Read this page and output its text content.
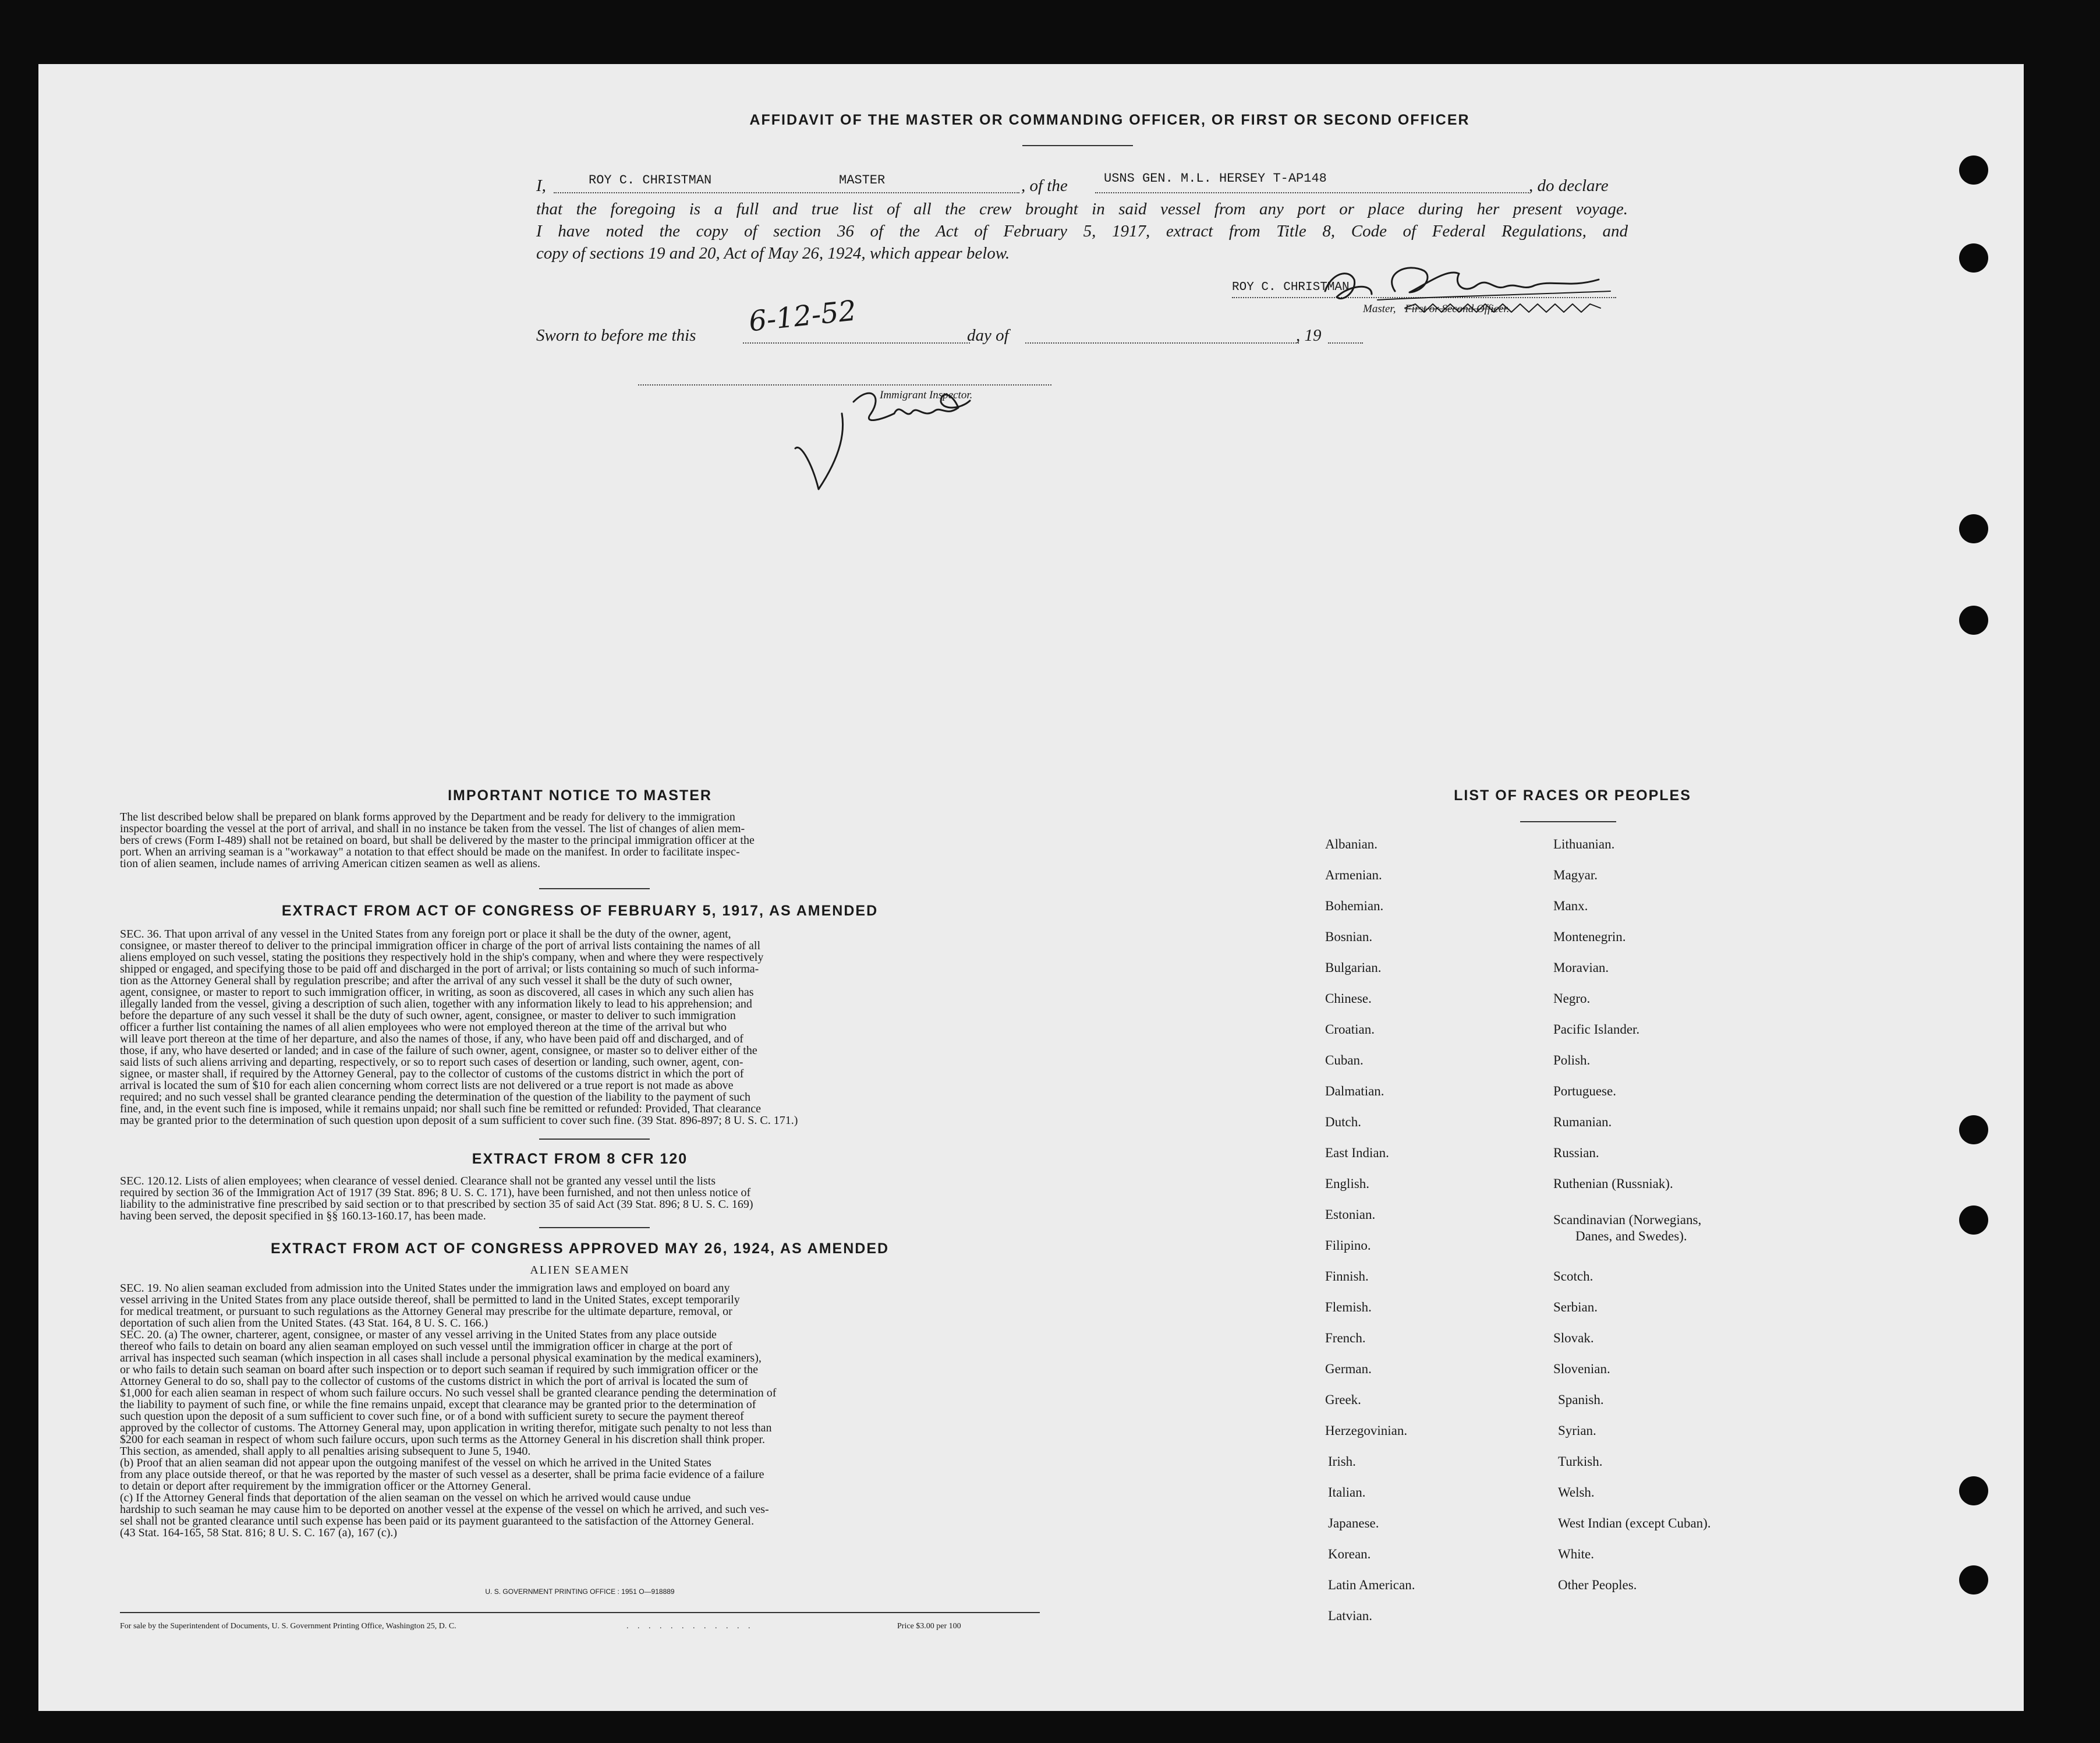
AFFIDAVIT OF THE MASTER OR COMMANDING OFFICER, OR FIRST OR SECOND OFFICER
I,	ROY C. CHRISTMAN	MASTER	, of the	USNS GEN. M.L. HERSEY T-AP148	, do declare
that the foregoing is a full and true list of all the crew brought in said vessel from any port or place during her present voyage.
I have noted the copy of section 36 of the Act of February 5, 1917, extract from Title 8, Code of Federal Regulations, and
copy of sections 19 and 20, Act of May 26, 1924, which appear below.
ROY C. CHRISTMAN
Master, First or Second Officer.
Sworn to before me this 6-12-52	day of	, 19
Immigrant Inspector.
IMPORTANT NOTICE TO MASTER
The list described below shall be prepared on blank forms approved by the Department and be ready for delivery to the immigration
inspector boarding the vessel at the port of arrival, and shall in no instance be taken from the vessel. The list of changes of alien mem-
bers of crews (Form I-489) shall not be retained on board, but shall be delivered by the master to the principal immigration officer at the
port. When an arriving seaman is a "workaway" a notation to that effect should be made on the manifest. In order to facilitate inspec-
tion of alien seamen, include names of arriving American citizen seamen as well as aliens.
EXTRACT FROM ACT OF CONGRESS OF FEBRUARY 5, 1917, AS AMENDED
SEC. 36. That upon arrival of any vessel in the United States from any foreign port or place it shall be the duty of the owner, agent,
consignee, or master thereof to deliver to the principal immigration officer in charge of the port of arrival lists containing the names of all
aliens employed on such vessel, stating the positions they respectively hold in the ship's company, when and where they were respectively
shipped or engaged, and specifying those to be paid off and discharged in the port of arrival; or lists containing so much of such informa-
tion as the Attorney General shall by regulation prescribe; and after the arrival of any such vessel it shall be the duty of such owner,
agent, consignee, or master to report to such immigration officer, in writing, as soon as discovered, all cases in which any such alien has
illegally landed from the vessel, giving a description of such alien, together with any information likely to lead to his apprehension; and
before the departure of any such vessel it shall be the duty of such owner, agent, consignee, or master to deliver to such immigration
officer a further list containing the names of all alien employees who were not employed thereon at the time of the arrival but who
will leave port thereon at the time of her departure, and also the names of those, if any, who have been paid off and discharged, and of
those, if any, who have deserted or landed; and in case of the failure of such owner, agent, consignee, or master so to deliver either of the
said lists of such aliens arriving and departing, respectively, or so to report such cases of desertion or landing, such owner, agent, con-
signee, or master shall, if required by the Attorney General, pay to the collector of customs of the customs district in which the port of
arrival is located the sum of $10 for each alien concerning whom correct lists are not delivered or a true report is not made as above
required; and no such vessel shall be granted clearance pending the determination of the question of the liability to the payment of such
fine, and, in the event such fine is imposed, while it remains unpaid; nor shall such fine be remitted or refunded: Provided, That clearance
may be granted prior to the determination of such question upon deposit of a sum sufficient to cover such fine. (39 Stat. 896-897; 8 U. S. C. 171.)
EXTRACT FROM 8 CFR 120
SEC. 120.12. Lists of alien employees; when clearance of vessel denied. Clearance shall not be granted any vessel until the lists
required by section 36 of the Immigration Act of 1917 (39 Stat. 896; 8 U. S. C. 171), have been furnished, and not then unless notice of
liability to the administrative fine prescribed by said section or to that prescribed by section 35 of said Act (39 Stat. 896; 8 U. S. C. 169)
having been served, the deposit specified in §§ 160.13-160.17, has been made.
EXTRACT FROM ACT OF CONGRESS APPROVED MAY 26, 1924, AS AMENDED
ALIEN SEAMEN
SEC. 19. No alien seaman excluded from admission into the United States under the immigration laws and employed on board any
vessel arriving in the United States from any place outside thereof, shall be permitted to land in the United States, except temporarily
for medical treatment, or pursuant to such regulations as the Attorney General may prescribe for the ultimate departure, removal, or
deportation of such alien from the United States. (43 Stat. 164, 8 U. S. C. 166.)
SEC. 20. (a) The owner, charterer, agent, consignee, or master of any vessel arriving in the United States from any place outside
thereof who fails to detain on board any alien seaman employed on such vessel until the immigration officer in charge at the port of
arrival has inspected such seaman (which inspection in all cases shall include a personal physical examination by the medical examiners),
or who fails to detain such seaman on board after such inspection or to deport such seaman if required by such immigration officer or the
Attorney General to do so, shall pay to the collector of customs of the customs district in which the port of arrival is located the sum of
$1,000 for each alien seaman in respect of whom such failure occurs. No such vessel shall be granted clearance pending the determination of
the liability to payment of such fine, or while the fine remains unpaid, except that clearance may be granted prior to the determination of
such question upon the deposit of a sum sufficient to cover such fine, or of a bond with sufficient surety to secure the payment thereof
approved by the collector of customs. The Attorney General may, upon application in writing therefor, mitigate such penalty to not less than
$200 for each seaman in respect of whom such failure occurs, upon such terms as the Attorney General in his discretion shall think proper.
This section, as amended, shall apply to all penalties arising subsequent to June 5, 1940.
(b) Proof that an alien seaman did not appear upon the outgoing manifest of the vessel on which he arrived in the United States
from any place outside thereof, or that he was reported by the master of such vessel as a deserter, shall be prima facie evidence of a failure
to detain or deport after requirement by the immigration officer or the Attorney General.
(c) If the Attorney General finds that deportation of the alien seaman on the vessel on which he arrived would cause undue
hardship to such seaman he may cause him to be deported on another vessel at the expense of the vessel on which he arrived, and such ves-
sel shall not be granted clearance until such expense has been paid or its payment guaranteed to the satisfaction of the Attorney General.
(43 Stat. 164-165, 58 Stat. 816; 8 U. S. C. 167 (a), 167 (c).)
U. S. GOVERNMENT PRINTING OFFICE : 1951 O—918889
For sale by the Superintendent of Documents, U. S. Government Printing Office, Washington 25, D. C.	. . . . . . . . . . . .	Price $3.00 per 100
LIST OF RACES OR PEOPLES
Albanian.
Armenian.
Bohemian.
Bosnian.
Bulgarian.
Chinese.
Croatian.
Cuban.
Dalmatian.
Dutch.
East Indian.
English.
Estonian.
Filipino.
Finnish.
Flemish.
French.
German.
Greek.
Herzegovinian.
Irish.
Italian.
Japanese.
Korean.
Latin American.
Latvian.
Lithuanian.
Magyar.
Manx.
Montenegrin.
Moravian.
Negro.
Pacific Islander.
Polish.
Portuguese.
Rumanian.
Russian.
Ruthenian (Russniak).
Scandinavian (Norwegians,
Danes, and Swedes).
Scotch.
Serbian.
Slovak.
Slovenian.
Spanish.
Syrian.
Turkish.
Welsh.
West Indian (except Cuban).
White.
Other Peoples.
